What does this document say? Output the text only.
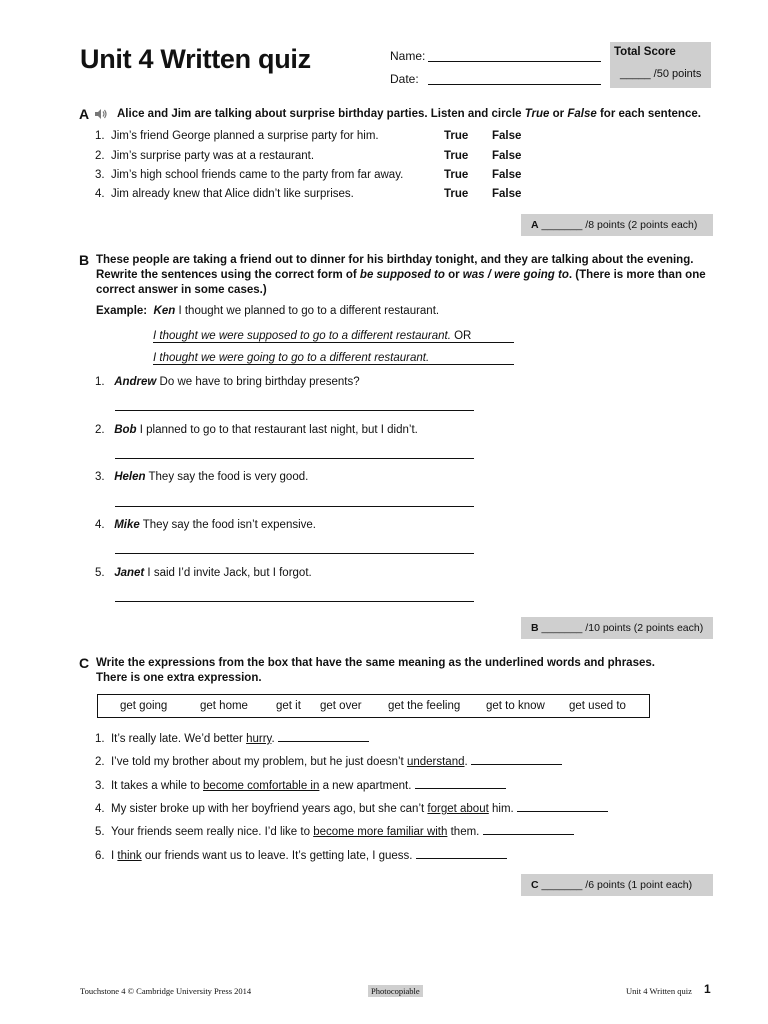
Unit 4 Written quiz	Name:
Date:
Total Score
_____ /50 points
A Alice and Jim are talking about surprise birthday parties. Listen and circle True or False for each sentence.
1. Jim’s friend George planned a surprise party for him.	True False
2. Jim’s surprise party was at a restaurant.	True False
3. Jim’s high school friends came to the party from far away.	True False
4. Jim already knew that Alice didn’t like surprises.	True False
A _______ /8 points (2 points each)
B These people are taking a friend out to dinner for his birthday tonight, and they are talking about the evening.
Rewrite the sentences using the correct form of be supposed to or was / were going to. (There is more than one
correct answer in some cases.)
Example: Ken I thought we planned to go to a different restaurant.
I thought we were supposed to go to a different restaurant. OR
I thought we were going to go to a different restaurant.
1. Andrew Do we have to bring birthday presents?
2. Bob I planned to go to that restaurant last night, but I didn’t.
3. Helen They say the food is very good.
4. Mike They say the food isn’t expensive.
5. Janet I said I’d invite Jack, but I forgot.
B _______ /10 points (2 points each)
C Write the expressions from the box that have the same meaning as the underlined words and phrases.
There is one extra expression.
get going	get home get it get over get the feeling get to know get used to
1. It’s really late. We’d better hurry.
2. I’ve told my brother about my problem, but he just doesn’t understand.
3. It takes a while to become comfortable in a new apartment.
4. My sister broke up with her boyfriend years ago, but she can’t forget about him.
5. Your friends seem really nice. I’d like to become more familiar with them.
6. I think our friends want us to leave. It’s getting late, I guess.
C _______ /6 points (1 point each)
Touchstone 4 © Cambridge University Press 2014	Photocopiable	Unit 4 Written quiz 1
